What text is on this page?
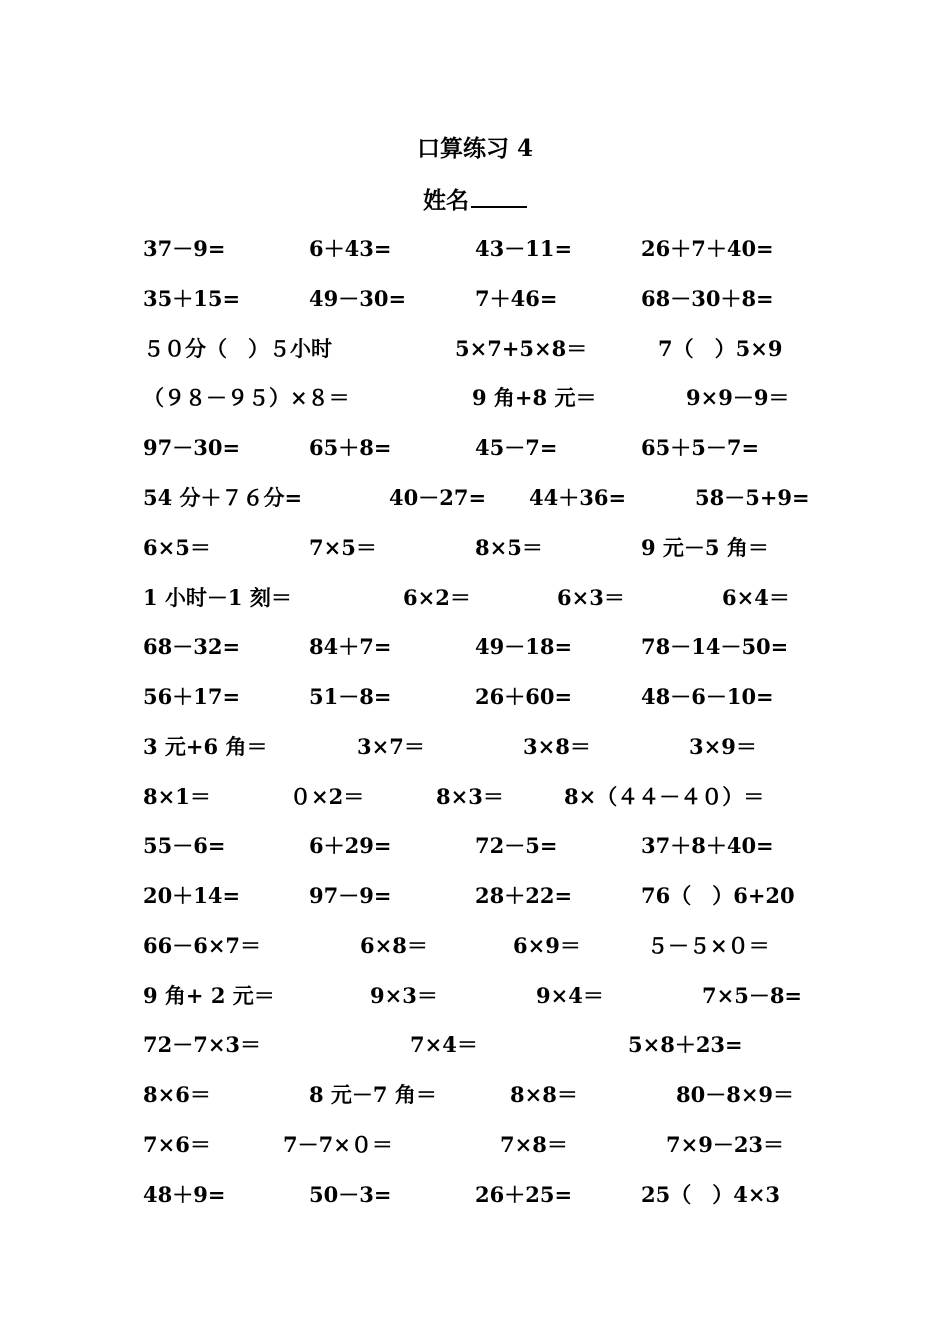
口算练习 4
姓名
37－9=	6＋43=	43－11=	26＋7＋40=
35＋15=	49－30=	7＋46=	68－30＋8=
５０分（　）５小时	5×7+5×8＝	7（　）5×9
（９８－９５）×８＝	9 角+8 元＝	9×9－9＝
97－30=	65＋8=	45－7=	65＋5－7=
54 分＋７６分=	40－27= 44＋36=	58－5+9=
6×5＝	7×5＝	8×5＝	9 元－5 角＝
1 小时－1 刻＝	6×2＝	6×3＝	6×4＝
68－32=	84＋7=	49－18=	78－14－50=
56＋17=	51－8=	26＋60=	48－6－10=
3 元+6 角＝	3×7＝	3×8＝	3×9＝
8×1＝	０×2＝	8×3＝	8×（４４－４０）＝
55－6=	6＋29=	72－5=	37＋8＋40=
20＋14=	97－9=	28＋22=	76（　）6+20
66－6×7＝	6×8＝	6×9＝	５－５×０＝
9 角+ 2 元＝	9×3＝	9×4＝	7×5－8=
72－7×3＝	7×4＝	5×8＋23=
8×6＝	8 元－7 角＝	8×8＝	80－8×9＝
7×6＝	7－7×０＝	7×8＝	7×9－23＝
48＋9=	50－3=	26＋25=	25（　）4×3
